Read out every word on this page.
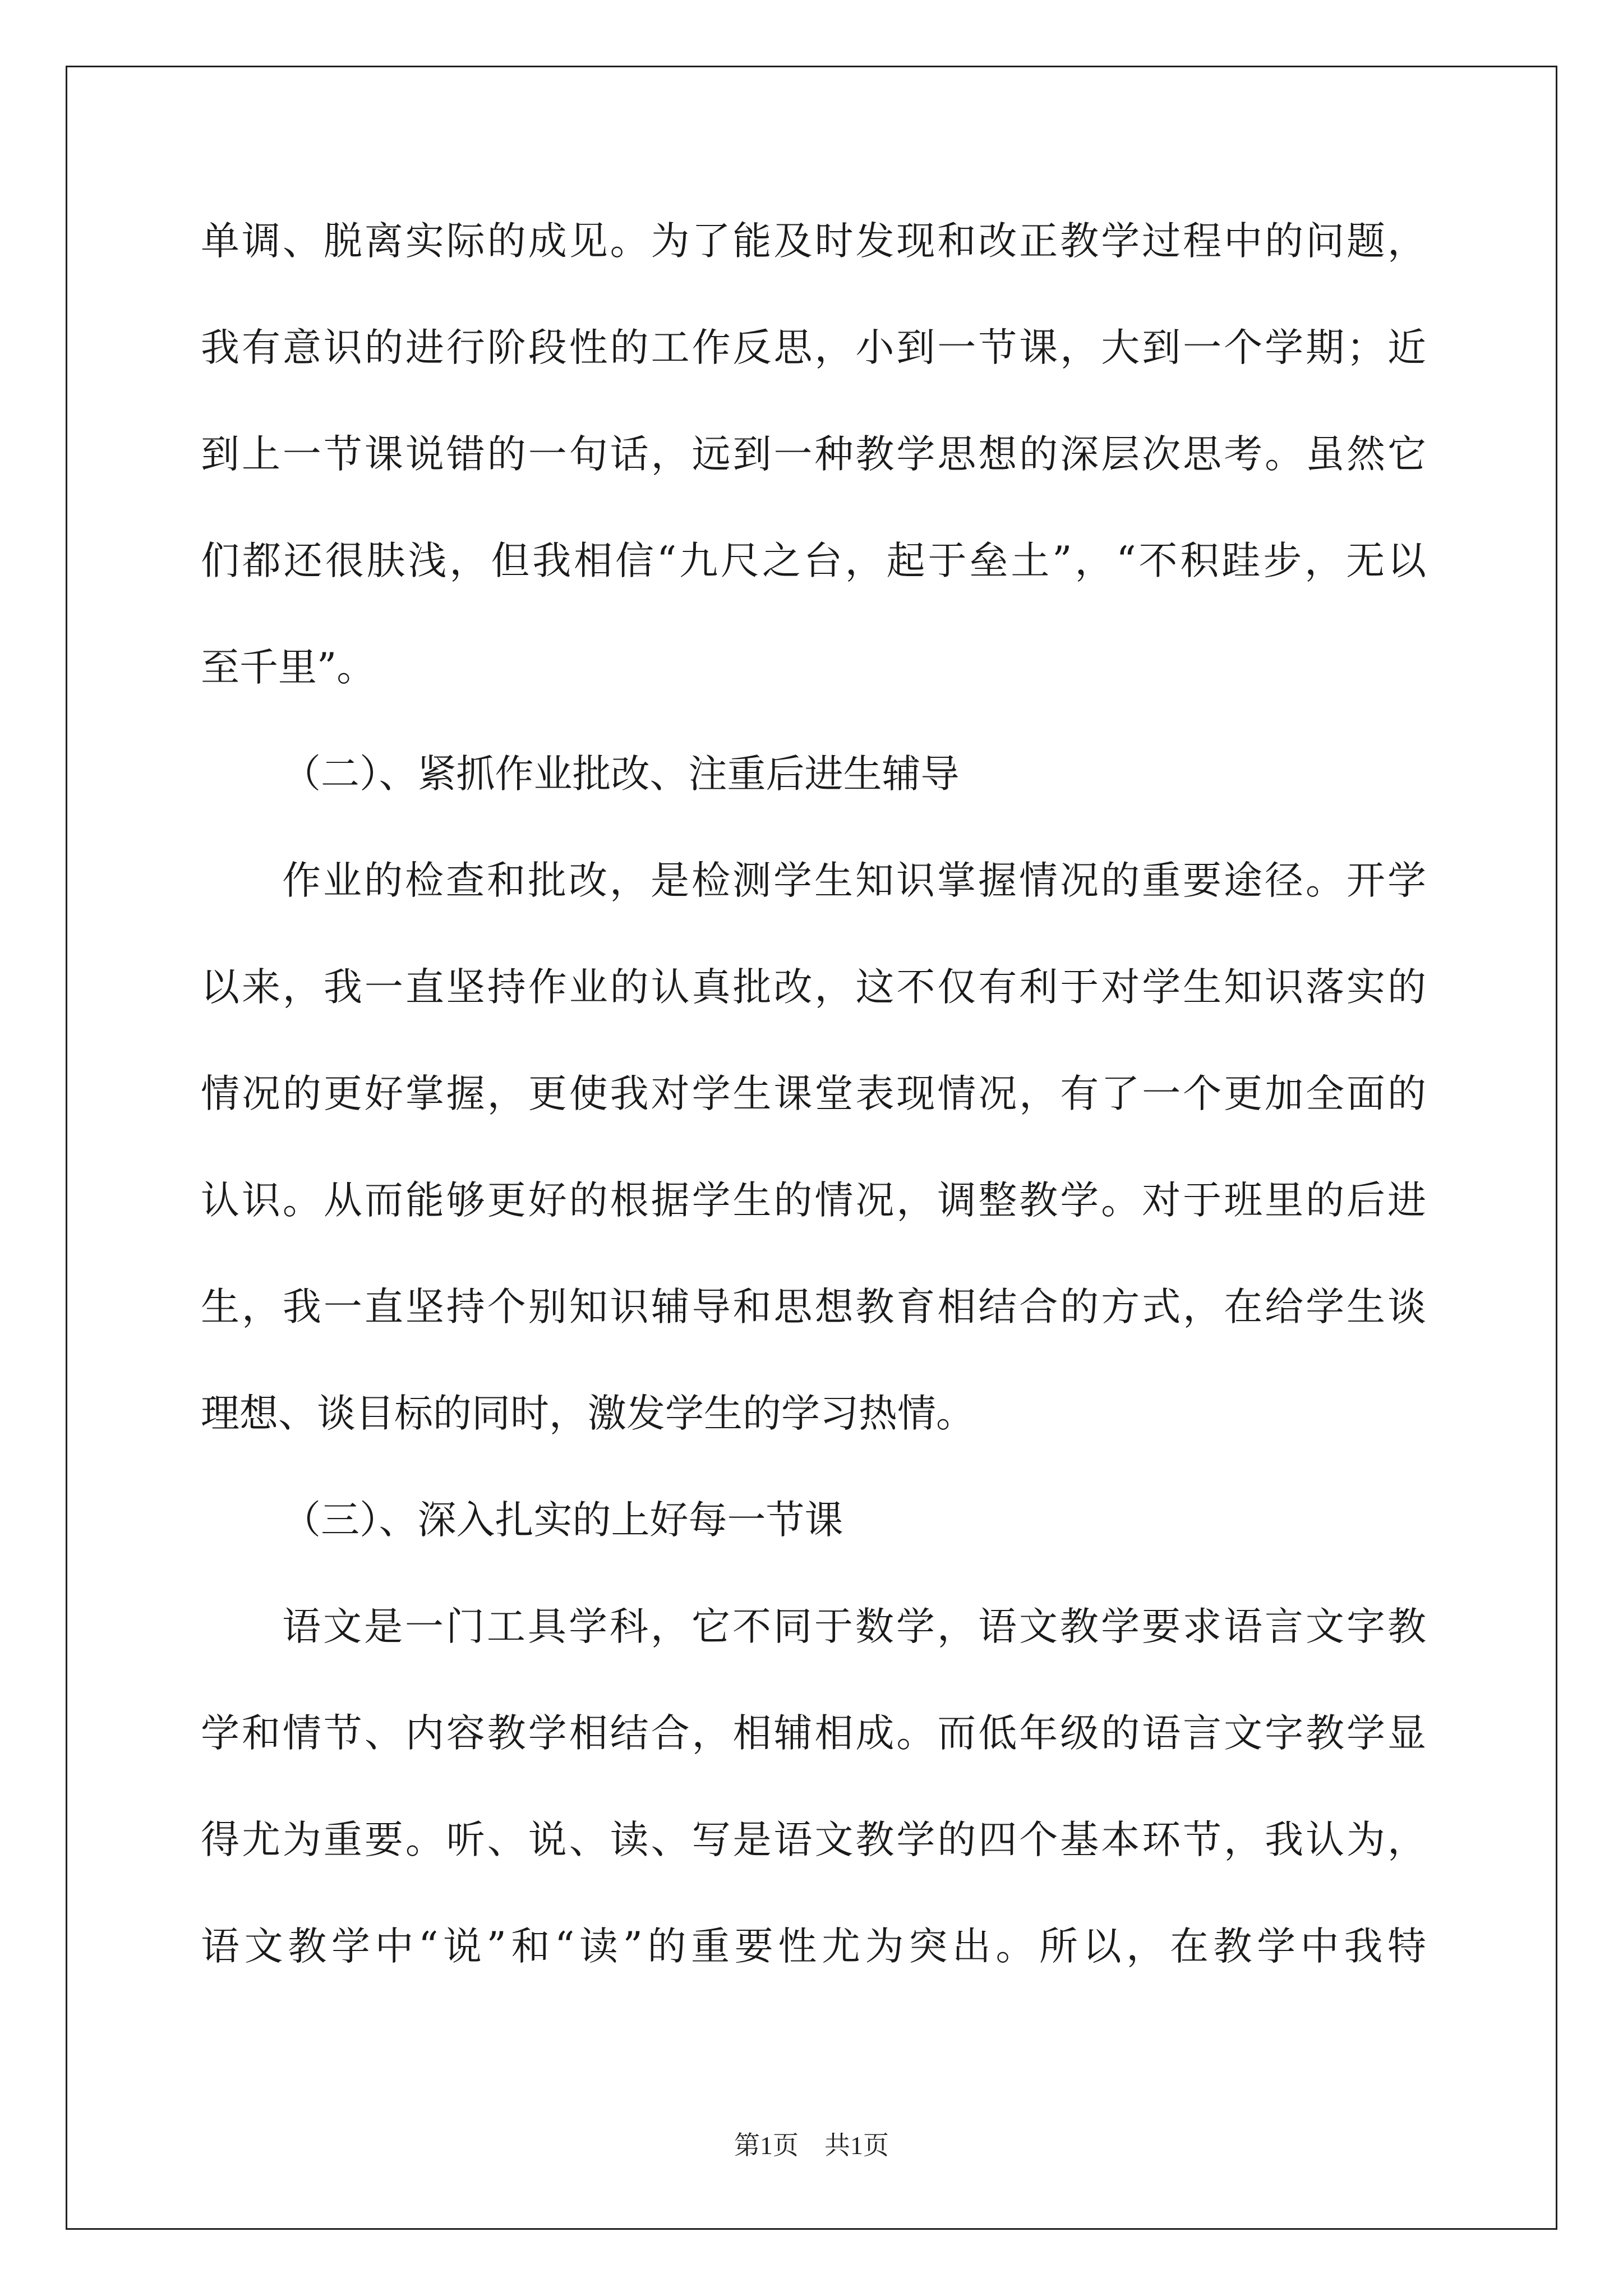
单调、脱离实际的成见。为了能及时发现和改正教学过程中的问题，
我有意识的进行阶段性的工作反思，小到一节课，大到一个学期；近
到上一节课说错的一句话，远到一种教学思想的深层次思考。虽然它
们都还很肤浅，但我相信“九尺之台，起于垒土”，“不积跬步，无以
至千里”。
（二）、紧抓作业批改、注重后进生辅导
作业的检查和批改，是检测学生知识掌握情况的重要途径。开学
以来，我一直坚持作业的认真批改，这不仅有利于对学生知识落实的
情况的更好掌握，更使我对学生课堂表现情况，有了一个更加全面的
认识。从而能够更好的根据学生的情况，调整教学。对于班里的后进
生，我一直坚持个别知识辅导和思想教育相结合的方式，在给学生谈
理想、谈目标的同时，激发学生的学习热情。
（三）、深入扎实的上好每一节课
语文是一门工具学科，它不同于数学，语文教学要求语言文字教
学和情节、内容教学相结合，相辅相成。而低年级的语言文字教学显
得尤为重要。听、说、读、写是语文教学的四个基本环节，我认为，
语文教学中“说”和“读”的重要性尤为突出。所以，在教学中我特
第1页 共1页
